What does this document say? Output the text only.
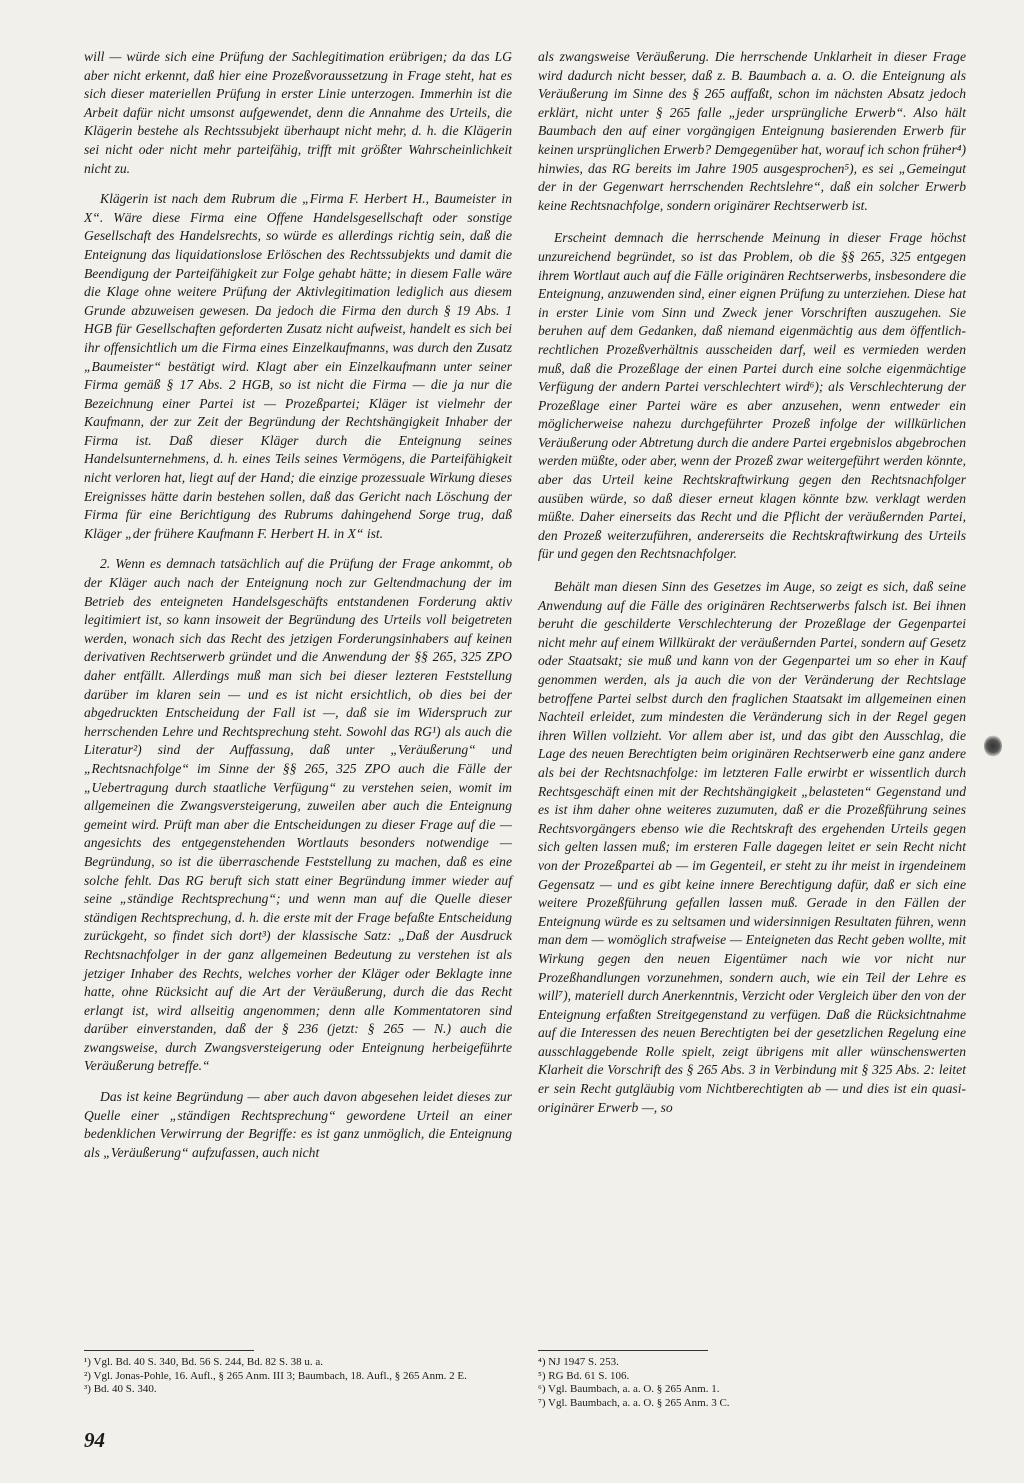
will — würde sich eine Prüfung der Sachlegitimation erübrigen; da das LG aber nicht erkennt, daß hier eine Prozeßvoraussetzung in Frage steht, hat es sich dieser materiellen Prüfung in erster Linie unterzogen. Immerhin ist die Arbeit dafür nicht umsonst aufgewendet, denn die Annahme des Urteils, die Klägerin bestehe als Rechtssubjekt überhaupt nicht mehr, d. h. die Klägerin sei nicht oder nicht mehr parteifähig, trifft mit größter Wahrscheinlichkeit nicht zu.

Klägerin ist nach dem Rubrum die „Firma F. Herbert H., Baumeister in X“. Wäre diese Firma eine Offene Handelsgesellschaft oder sonstige Gesellschaft des Handelsrechts, so würde es allerdings richtig sein, daß die Enteignung das liquidationslose Erlöschen des Rechtssubjekts und damit die Beendigung der Parteifähigkeit zur Folge gehabt hätte; in diesem Falle wäre die Klage ohne weitere Prüfung der Aktivlegitimation lediglich aus diesem Grunde abzuweisen gewesen. Da jedoch die Firma den durch § 19 Abs. 1 HGB für Gesellschaften geforderten Zusatz nicht aufweist, handelt es sich bei ihr offensichtlich um die Firma eines Einzelkaufmanns, was durch den Zusatz „Baumeister“ bestätigt wird. Klagt aber ein Einzelkaufmann unter seiner Firma gemäß § 17 Abs. 2 HGB, so ist nicht die Firma — die ja nur die Bezeichnung einer Partei ist — Prozeßpartei; Kläger ist vielmehr der Kaufmann, der zur Zeit der Begründung der Rechtshängigkeit Inhaber der Firma ist. Daß dieser Kläger durch die Enteignung seines Handelsunternehmens, d. h. eines Teils seines Vermögens, die Parteifähigkeit nicht verloren hat, liegt auf der Hand; die einzige prozessuale Wirkung dieses Ereignisses hätte darin bestehen sollen, daß das Gericht nach Löschung der Firma für eine Berichtigung des Rubrums dahingehend Sorge trug, daß Kläger „der frühere Kaufmann F. Herbert H. in X“ ist.

2. Wenn es demnach tatsächlich auf die Prüfung der Frage ankommt, ob der Kläger auch nach der Enteignung noch zur Geltendmachung der im Betrieb des enteigneten Handelsgeschäfts entstandenen Forderung aktiv legitimiert ist, so kann insoweit der Begründung des Urteils voll beigetreten werden, wonach sich das Recht des jetzigen Forderungsinhabers auf keinen derivativen Rechtserwerb gründet und die Anwendung der §§ 265, 325 ZPO daher entfällt. Allerdings muß man sich bei dieser lezteren Feststellung darüber im klaren sein — und es ist nicht ersichtlich, ob dies bei der abgedruckten Entscheidung der Fall ist —, daß sie im Widerspruch zur herrschenden Lehre und Rechtsprechung steht. Sowohl das RG¹) als auch die Literatur²) sind der Auffassung, daß unter „Veräußerung“ und „Rechtsnachfolge“ im Sinne der §§ 265, 325 ZPO auch die Fälle der „Uebertragung durch staatliche Verfügung“ zu verstehen seien, womit im allgemeinen die Zwangsversteigerung, zuweilen aber auch die Enteignung gemeint wird. Prüft man aber die Entscheidungen zu dieser Frage auf die — angesichts des entgegenstehenden Wortlauts besonders notwendige — Begründung, so ist die überraschende Feststellung zu machen, daß es eine solche fehlt. Das RG beruft sich statt einer Begründung immer wieder auf seine „ständige Rechtsprechung“; und wenn man auf die Quelle dieser ständigen Rechtsprechung, d. h. die erste mit der Frage befaßte Entscheidung zurückgeht, so findet sich dort³) der klassische Satz: „Daß der Ausdruck Rechtsnachfolger in der ganz allgemeinen Bedeutung zu verstehen ist als jetziger Inhaber des Rechts, welches vorher der Kläger oder Beklagte inne hatte, ohne Rücksicht auf die Art der Veräußerung, durch die das Recht erlangt ist, wird allseitig angenommen; denn alle Kommentatoren sind darüber einverstanden, daß der § 236 (jetzt: § 265 — N.) auch die zwangsweise, durch Zwangsversteigerung oder Enteignung herbeigeführte Veräußerung betreffe.“

Das ist keine Begründung — aber auch davon abgesehen leidet dieses zur Quelle einer „ständigen Rechtsprechung“ gewordene Urteil an einer bedenklichen Verwirrung der Begriffe: es ist ganz unmöglich, die Enteignung als „Veräußerung“ aufzufassen, auch nicht

als zwangsweise Veräußerung. Die herrschende Unklarheit in dieser Frage wird dadurch nicht besser, daß z. B. Baumbach a. a. O. die Enteignung als Veräußerung im Sinne des § 265 auffaßt, schon im nächsten Absatz jedoch erklärt, nicht unter § 265 falle „jeder ursprüngliche Erwerb“. Also hält Baumbach den auf einer vorgängigen Enteignung basierenden Erwerb für keinen ursprünglichen Erwerb? Demgegenüber hat, worauf ich schon früher⁴) hinwies, das RG bereits im Jahre 1905 ausgesprochen⁵), es sei „Gemeingut der in der Gegenwart herrschenden Rechtslehre“, daß ein solcher Erwerb keine Rechtsnachfolge, sondern originärer Rechtserwerb ist.

Erscheint demnach die herrschende Meinung in dieser Frage höchst unzureichend begründet, so ist das Problem, ob die §§ 265, 325 entgegen ihrem Wortlaut auch auf die Fälle originären Rechtserwerbs, insbesondere die Enteignung, anzuwenden sind, einer eignen Prüfung zu unterziehen. Diese hat in erster Linie vom Sinn und Zweck jener Vorschriften auszugehen. Sie beruhen auf dem Gedanken, daß niemand eigenmächtig aus dem öffentlich-rechtlichen Prozeßverhältnis ausscheiden darf, weil es vermieden werden muß, daß die Prozeßlage der einen Partei durch eine solche eigenmächtige Verfügung der andern Partei verschlechtert wird⁶); als Verschlechterung der Prozeßlage einer Partei wäre es aber anzusehen, wenn entweder ein möglicherweise nahezu durchgeführter Prozeß infolge der willkürlichen Veräußerung oder Abtretung durch die andere Partei ergebnislos abgebrochen werden müßte, oder aber, wenn der Prozeß zwar weitergeführt werden könnte, aber das Urteil keine Rechtskraftwirkung gegen den Rechtsnachfolger ausüben würde, so daß dieser erneut klagen könnte bzw. verklagt werden müßte. Daher einerseits das Recht und die Pflicht der veräußernden Partei, den Prozeß weiterzuführen, andererseits die Rechtskraftwirkung des Urteils für und gegen den Rechtsnachfolger.

Behält man diesen Sinn des Gesetzes im Auge, so zeigt es sich, daß seine Anwendung auf die Fälle des originären Rechtserwerbs falsch ist. Bei ihnen beruht die geschilderte Verschlechterung der Prozeßlage der Gegenpartei nicht mehr auf einem Willkürakt der veräußernden Partei, sondern auf Gesetz oder Staatsakt; sie muß und kann von der Gegenpartei um so eher in Kauf genommen werden, als ja auch die von der Veränderung der Rechtslage betroffene Partei selbst durch den fraglichen Staatsakt im allgemeinen einen Nachteil erleidet, zum mindesten die Veränderung sich in der Regel gegen ihren Willen vollzieht. Vor allem aber ist, und das gibt den Ausschlag, die Lage des neuen Berechtigten beim originären Rechtserwerb eine ganz andere als bei der Rechtsnachfolge: im letzteren Falle erwirbt er wissentlich durch Rechtsgeschäft einen mit der Rechtshängigkeit „belasteten“ Gegenstand und es ist ihm daher ohne weiteres zuzumuten, daß er die Prozeßführung seines Rechtsvorgängers ebenso wie die Rechtskraft des ergehenden Urteils gegen sich gelten lassen muß; im ersteren Falle dagegen leitet er sein Recht nicht von der Prozeßpartei ab — im Gegenteil, er steht zu ihr meist in irgendeinem Gegensatz — und es gibt keine innere Berechtigung dafür, daß er sich eine weitere Prozeßführung gefallen lassen muß. Gerade in den Fällen der Enteignung würde es zu seltsamen und widersinnigen Resultaten führen, wenn man dem — womöglich strafweise — Enteigneten das Recht geben wollte, mit Wirkung gegen den neuen Eigentümer nach wie vor nicht nur Prozeßhandlungen vorzunehmen, sondern auch, wie ein Teil der Lehre es will⁷), materiell durch Anerkenntnis, Verzicht oder Vergleich über den von der Enteignung erfaßten Streitgegenstand zu verfügen. Daß die Rücksichtnahme auf die Interessen des neuen Berechtigten bei der gesetzlichen Regelung eine ausschlaggebende Rolle spielt, zeigt übrigens mit aller wünschenswerten Klarheit die Vorschrift des § 265 Abs. 3 in Verbindung mit § 325 Abs. 2: leitet er sein Recht gutgläubig vom Nichtberechtigten ab — und dies ist ein quasi-originärer Erwerb —, so

¹) Vgl. Bd. 40 S. 340, Bd. 56 S. 244, Bd. 82 S. 38 u. a.
²) Vgl. Jonas-Pohle, 16. Aufl., § 265 Anm. III 3; Baumbach, 18. Aufl., § 265 Anm. 2 E.
³) Bd. 40 S. 340.
⁴) NJ 1947 S. 253.
⁵) RG Bd. 61 S. 106.
⁶) Vgl. Baumbach, a. a. O. § 265 Anm. 1.
⁷) Vgl. Baumbach, a. a. O. § 265 Anm. 3 C.
94
